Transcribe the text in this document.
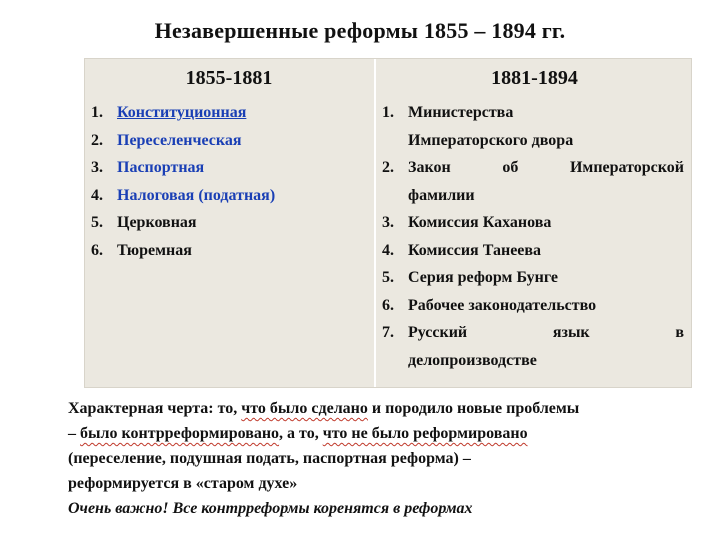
Незавершенные реформы 1855 – 1894 гг.
1855-1881
1. Конституционная
2. Переселенческая
3. Паспортная
4. Налоговая (податная)
5. Церковная
6. Тюремная
1881-1894
1. Министерства
Императорского двора
2. Закон об Императорской
фамилии
3. Комиссия Каханова
4. Комиссия Танеева
5. Серия реформ Бунге
6. Рабочее законодательство
7. Русский язык в
делопроизводстве

Характерная черта: то, что было сделано и породило новые проблемы

– было контрреформировано, а то, что не было реформировано

(переселение, подушная подать, паспортная реформа) –

реформируется в «старом духе»

Очень важно! Все контрреформы коренятся в реформах
